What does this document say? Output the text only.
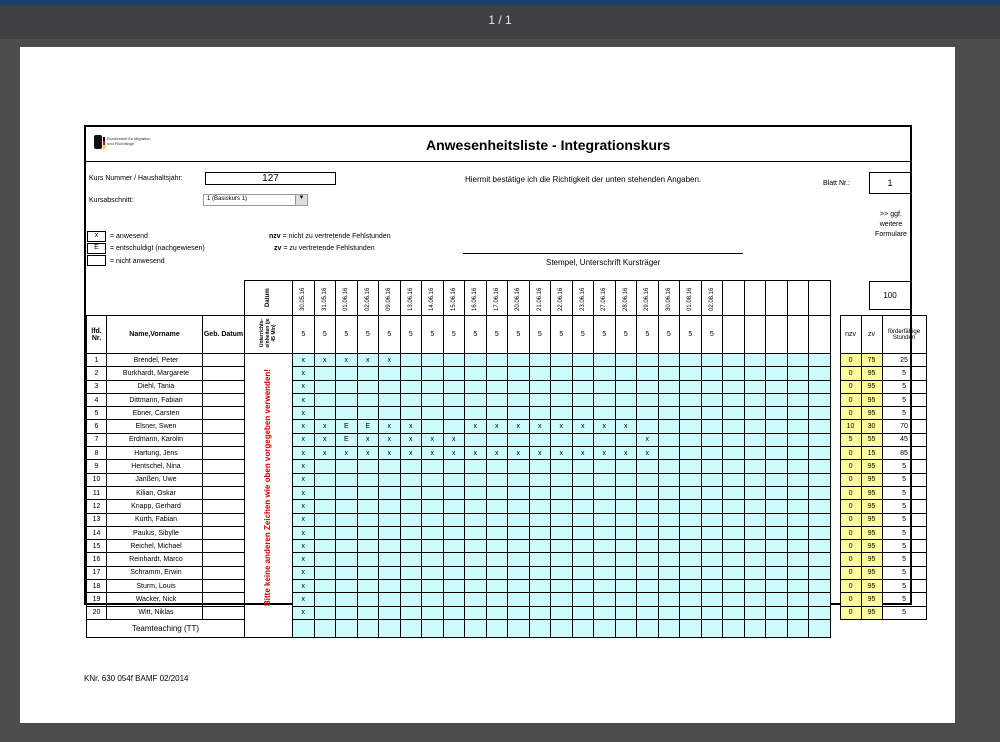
1 / 1
Bundesamt für Migration und Flüchtlinge	Anwesenheitsliste - Integrationskurs
Kurs Nummer / Haushaltsjahr:	127
Kursabschnitt:	1 (Basiskurs 1)	▼
Hiermit bestätige ich die Richtigkeit der unten stehenden Angaben.	Blatt Nr.:	1
>> ggf. weitere Formulare
x	= anwesend
E	= entschuldigt (nachgewiesen)
= nicht anwesend
nzv = nicht zu vertretende Fehlstunden
zv = zu vertretende Fehlstunden
Stempel, Unterschrift Kursträger
100

			Datum	30.05.16	31.05.16	01.06.16	02.06.16	09.06.16	13.06.16	14.06.16	15.06.16	16.06.16	17.06.16	20.06.16	21.06.16	22.06.16	23.06.16	27.06.16	28.06.16	29.06.16	30.06.16	01.08.16	02.08.16									

lfd. Nr.	Name,Vorname	Geb. Datum	Unterrichts-einheiten (je 45 Min)	5	5	5	5	5	5	5	5	5	5	5	5	5	5	5	5	5	5	5	5							nzv	zv	förderfähige Stunden
1	Brendel, Peter		Bitte keine anderen Zeichen wie oben vorgegeben verwenden!	x	x	x	x	x																						0	75	25
2	Burkhardt, Margarete			x																										0	95	5
3	Diehl, Tania			x																										0	95	5
4	Dittmann, Fabian			x																										0	95	5
5	Ebner, Carsten			x																										0	95	5
6	Elsner, Swen			x	x	E	E	x	x			x	x	x	x	x	x	x	x											10	30	70
7	Erdmann, Karolin			x	x	E	x	x	x	x	x									x										5	55	45
8	Hartung, Jens			x	x	x	x	x	x	x	x	x	x	x	x	x	x	x	x	x										0	15	85
9	Hentschel, Nina			x																										0	95	5
10	Janßen, Uwe			x																										0	95	5
11	Kilian, Oskar			x																										0	95	5
12	Knapp, Gerhard			x																										0	95	5
13	Kurth, Fabian			x																										0	95	5
14	Paulus, Sibylle			x																										0	95	5
15	Reichel, Michael			x																										0	95	5
16	Reinhardt, Marco			x																										0	95	5
17	Schramm, Erwin			x																										0	95	5
18	Sturm, Louis			x																										0	95	5
19	Wacker, Nick			x																										0	95	5
20	Witt, Niklas			x																										0	95	5
Teamteaching (TT)																																
KNr. 630 054f BAMF 02/2014
